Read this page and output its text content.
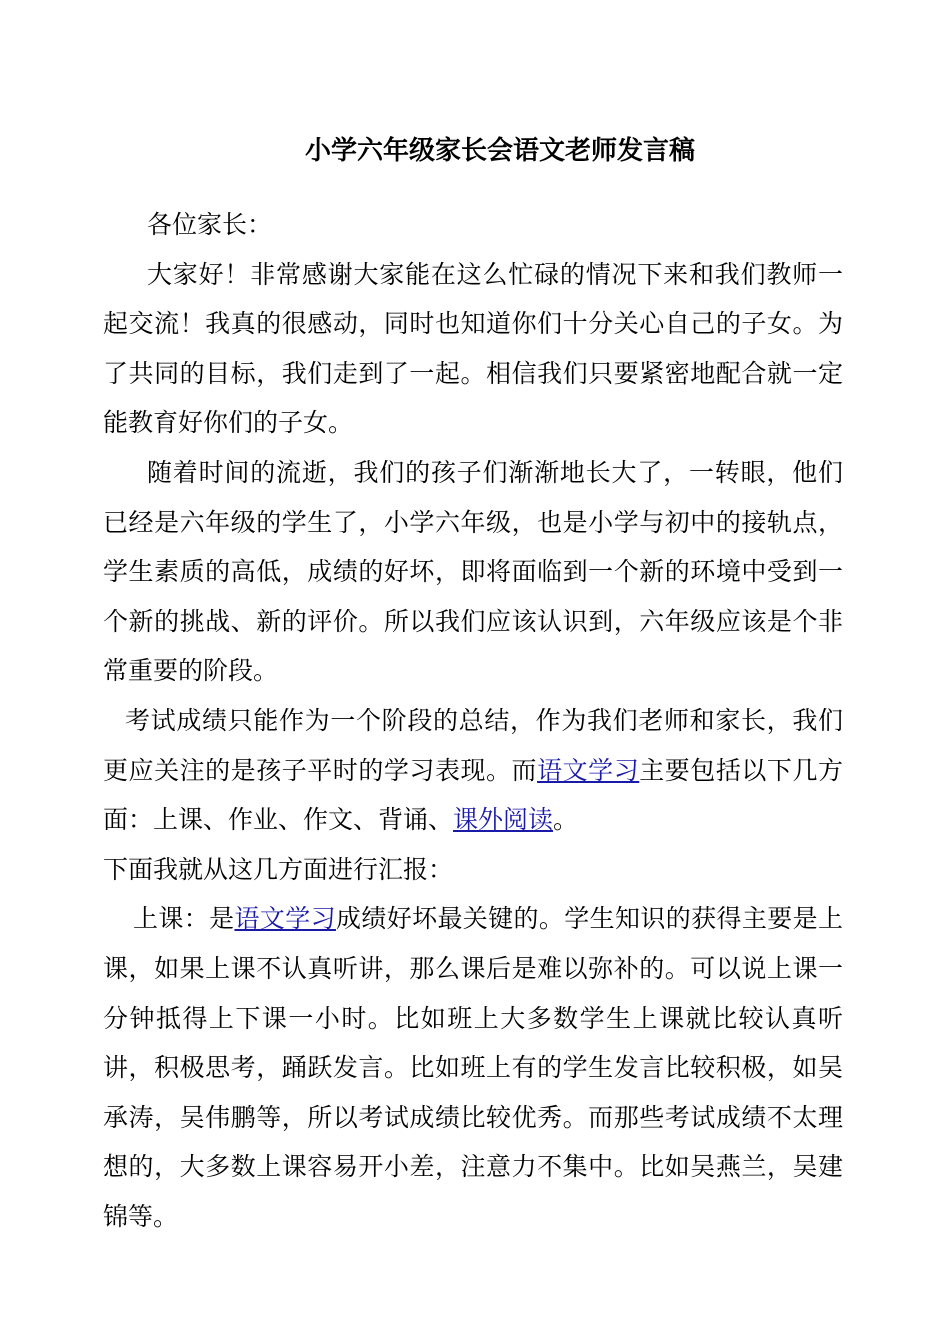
小学六年级家长会语文老师发言稿

各位家长：

大家好！非常感谢大家能在这么忙碌的情况下来和我们教师一起交流！我真的很感动，同时也知道你们十分关心自己的子女。为了共同的目标，我们走到了一起。相信我们只要紧密地配合就一定能教育好你们的子女。

随着时间的流逝，我们的孩子们渐渐地长大了，一转眼，他们已经是六年级的学生了，小学六年级，也是小学与初中的接轨点，学生素质的高低，成绩的好坏，即将面临到一个新的环境中受到一个新的挑战、新的评价。所以我们应该认识到，六年级应该是个非常重要的阶段。

考试成绩只能作为一个阶段的总结，作为我们老师和家长，我们更应关注的是孩子平时的学习表现。而语文学习主要包括以下几方面：上课、作业、作文、背诵、课外阅读。

下面我就从这几方面进行汇报：

上课：是语文学习成绩好坏最关键的。学生知识的获得主要是上课，如果上课不认真听讲，那么课后是难以弥补的。可以说上课一分钟抵得上下课一小时。比如班上大多数学生上课就比较认真听讲，积极思考，踊跃发言。比如班上有的学生发言比较积极，如吴承涛，吴伟鹏等，所以考试成绩比较优秀。而那些考试成绩不太理想的，大多数上课容易开小差，注意力不集中。比如吴燕兰，吴建锦等。
